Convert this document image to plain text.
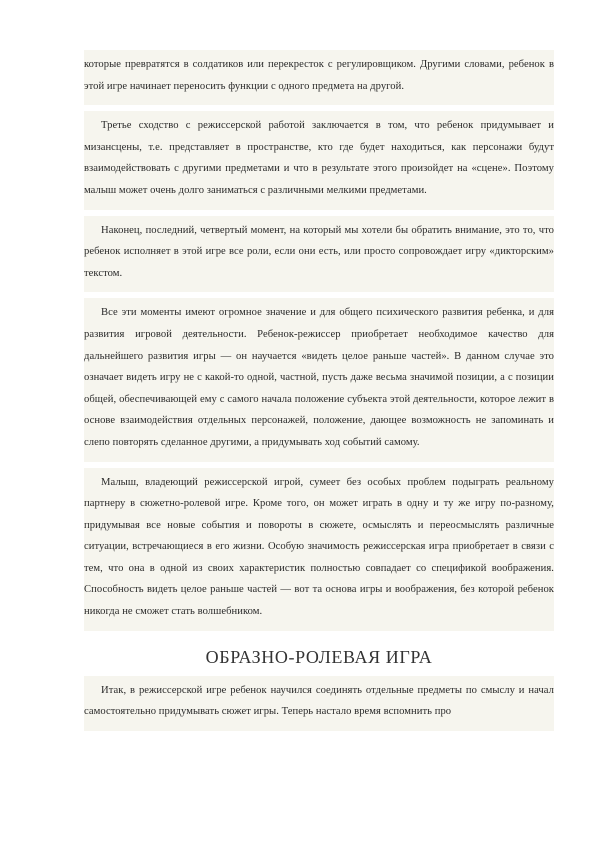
которые превратятся в солдатиков или перекресток с регулировщиком. Другими словами, ребенок в этой игре начинает переносить функции с одного предмета на другой.

Третье сходство с режиссерской работой заключается в том, что ребенок придумывает и мизансцены, т.е. представляет в пространстве, кто где будет находиться, как персонажи будут взаимодействовать с другими предметами и что в результате этого произойдет на «сцене». Поэтому малыш может очень долго заниматься с различными мелкими предметами.

Наконец, последний, четвертый момент, на который мы хотели бы обратить внимание, это то, что ребенок исполняет в этой игре все роли, если они есть, или просто сопровождает игру «дикторским» текстом.

Все эти моменты имеют огромное значение и для общего психического развития ребенка, и для развития игровой деятельности. Ребенок-режиссер приобретает необходимое качество для дальнейшего развития игры — он научается «видеть целое раньше частей». В данном случае это означает видеть игру не с какой-то одной, частной, пусть даже весьма значимой позиции, а с позиции общей, обеспечивающей ему с самого начала положение субъекта этой деятельности, которое лежит в основе взаимодействия отдельных персонажей, положение, дающее возможность не запоминать и слепо повторять сделанное другими, а придумывать ход событий самому.

Малыш, владеющий режиссерской игрой, сумеет без особых проблем подыграть реальному партнеру в сюжетно-ролевой игре. Кроме того, он может играть в одну и ту же игру по-разному, придумывая все новые события и повороты в сюжете, осмыслять и переосмыслять различные ситуации, встречающиеся в его жизни. Особую значимость режиссерская игра приобретает в связи с тем, что она в одной из своих характеристик полностью совпадает со спецификой воображения. Способность видеть целое раньше частей — вот та основа игры и воображения, без которой ребенок никогда не сможет стать волшебником.

ОБРАЗНО-РОЛЕВАЯ ИГРА

Итак, в режиссерской игре ребенок научился соединять отдельные предметы по смыслу и начал самостоятельно придумывать сюжет игры. Теперь настало время вспомнить про
